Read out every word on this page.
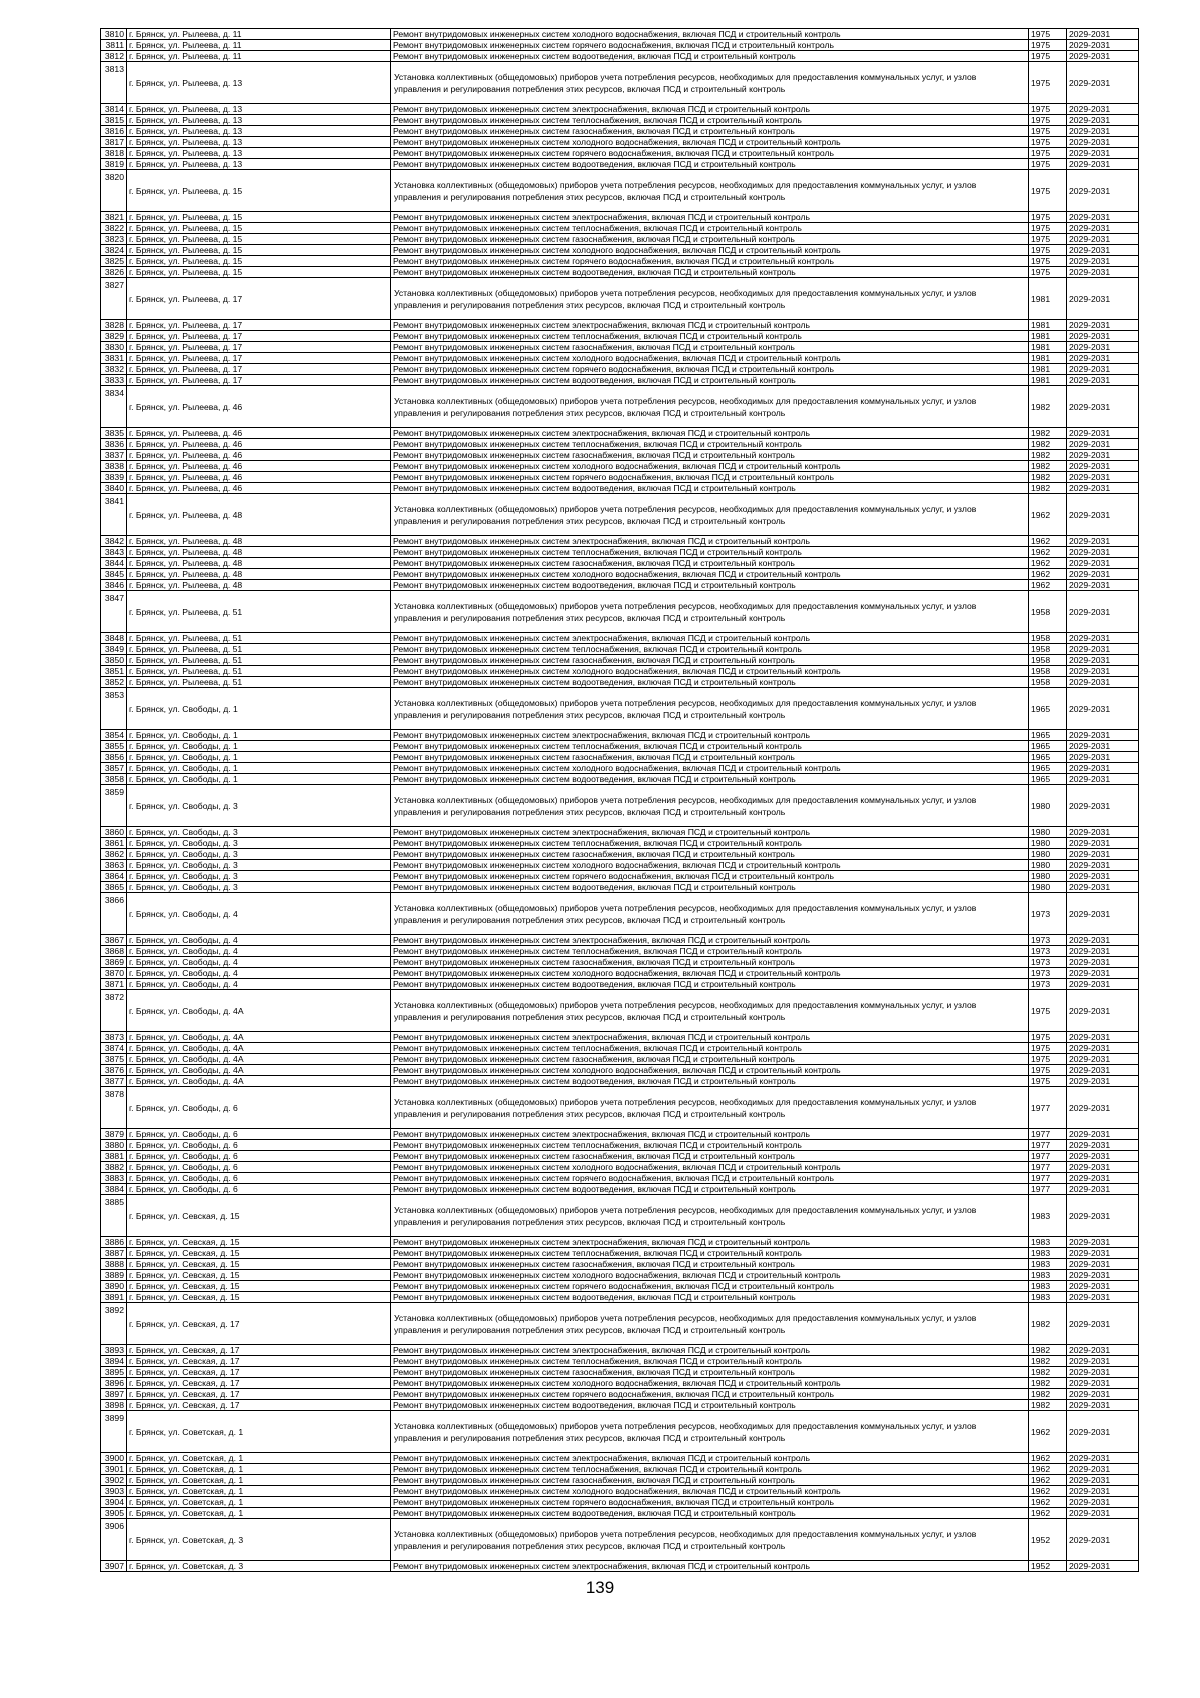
3810	г. Брянск, ул. Рылеева, д. 11	Ремонт внутридомовых инженерных систем холодного водоснабжения, включая ПСД и строительный контроль	1975	2029-2031
3811	г. Брянск, ул. Рылеева, д. 11	Ремонт внутридомовых инженерных систем горячего водоснабжения, включая ПСД и строительный контроль	1975	2029-2031
3812	г. Брянск, ул. Рылеева, д. 11	Ремонт внутридомовых инженерных систем водоотведения, включая ПСД и строительный контроль	1975	2029-2031
3813	г. Брянск, ул. Рылеева, д. 13	Установка коллективных (общедомовых) приборов учета потребления ресурсов, необходимых для предоставления коммунальных услуг, и узлов управления и регулирования потребления этих ресурсов, включая ПСД и строительный контроль	1975	2029-2031
3814	г. Брянск, ул. Рылеева, д. 13	Ремонт внутридомовых инженерных систем электроснабжения, включая ПСД и строительный контроль	1975	2029-2031
3815	г. Брянск, ул. Рылеева, д. 13	Ремонт внутридомовых инженерных систем теплоснабжения, включая ПСД и строительный контроль	1975	2029-2031
3816	г. Брянск, ул. Рылеева, д. 13	Ремонт внутридомовых инженерных систем газоснабжения, включая ПСД и строительный контроль	1975	2029-2031
3817	г. Брянск, ул. Рылеева, д. 13	Ремонт внутридомовых инженерных систем холодного водоснабжения, включая ПСД и строительный контроль	1975	2029-2031
3818	г. Брянск, ул. Рылеева, д. 13	Ремонт внутридомовых инженерных систем горячего водоснабжения, включая ПСД и строительный контроль	1975	2029-2031
3819	г. Брянск, ул. Рылеева, д. 13	Ремонт внутридомовых инженерных систем водоотведения, включая ПСД и строительный контроль	1975	2029-2031
3820	г. Брянск, ул. Рылеева, д. 15	Установка коллективных (общедомовых) приборов учета потребления ресурсов, необходимых для предоставления коммунальных услуг, и узлов управления и регулирования потребления этих ресурсов, включая ПСД и строительный контроль	1975	2029-2031
3821	г. Брянск, ул. Рылеева, д. 15	Ремонт внутридомовых инженерных систем электроснабжения, включая ПСД и строительный контроль	1975	2029-2031
3822	г. Брянск, ул. Рылеева, д. 15	Ремонт внутридомовых инженерных систем теплоснабжения, включая ПСД и строительный контроль	1975	2029-2031
3823	г. Брянск, ул. Рылеева, д. 15	Ремонт внутридомовых инженерных систем газоснабжения, включая ПСД и строительный контроль	1975	2029-2031
3824	г. Брянск, ул. Рылеева, д. 15	Ремонт внутридомовых инженерных систем холодного водоснабжения, включая ПСД и строительный контроль	1975	2029-2031
3825	г. Брянск, ул. Рылеева, д. 15	Ремонт внутридомовых инженерных систем горячего водоснабжения, включая ПСД и строительный контроль	1975	2029-2031
3826	г. Брянск, ул. Рылеева, д. 15	Ремонт внутридомовых инженерных систем водоотведения, включая ПСД и строительный контроль	1975	2029-2031
3827	г. Брянск, ул. Рылеева, д. 17	Установка коллективных (общедомовых) приборов учета потребления ресурсов, необходимых для предоставления коммунальных услуг, и узлов управления и регулирования потребления этих ресурсов, включая ПСД и строительный контроль	1981	2029-2031
3828	г. Брянск, ул. Рылеева, д. 17	Ремонт внутридомовых инженерных систем электроснабжения, включая ПСД и строительный контроль	1981	2029-2031
3829	г. Брянск, ул. Рылеева, д. 17	Ремонт внутридомовых инженерных систем теплоснабжения, включая ПСД и строительный контроль	1981	2029-2031
3830	г. Брянск, ул. Рылеева, д. 17	Ремонт внутридомовых инженерных систем газоснабжения, включая ПСД и строительный контроль	1981	2029-2031
3831	г. Брянск, ул. Рылеева, д. 17	Ремонт внутридомовых инженерных систем холодного водоснабжения, включая ПСД и строительный контроль	1981	2029-2031
3832	г. Брянск, ул. Рылеева, д. 17	Ремонт внутридомовых инженерных систем горячего водоснабжения, включая ПСД и строительный контроль	1981	2029-2031
3833	г. Брянск, ул. Рылеева, д. 17	Ремонт внутридомовых инженерных систем водоотведения, включая ПСД и строительный контроль	1981	2029-2031
3834	г. Брянск, ул. Рылеева, д. 46	Установка коллективных (общедомовых) приборов учета потребления ресурсов, необходимых для предоставления коммунальных услуг, и узлов управления и регулирования потребления этих ресурсов, включая ПСД и строительный контроль	1982	2029-2031
3835	г. Брянск, ул. Рылеева, д. 46	Ремонт внутридомовых инженерных систем электроснабжения, включая ПСД и строительный контроль	1982	2029-2031
3836	г. Брянск, ул. Рылеева, д. 46	Ремонт внутридомовых инженерных систем теплоснабжения, включая ПСД и строительный контроль	1982	2029-2031
3837	г. Брянск, ул. Рылеева, д. 46	Ремонт внутридомовых инженерных систем газоснабжения, включая ПСД и строительный контроль	1982	2029-2031
3838	г. Брянск, ул. Рылеева, д. 46	Ремонт внутридомовых инженерных систем холодного водоснабжения, включая ПСД и строительный контроль	1982	2029-2031
3839	г. Брянск, ул. Рылеева, д. 46	Ремонт внутридомовых инженерных систем горячего водоснабжения, включая ПСД и строительный контроль	1982	2029-2031
3840	г. Брянск, ул. Рылеева, д. 46	Ремонт внутридомовых инженерных систем водоотведения, включая ПСД и строительный контроль	1982	2029-2031
3841	г. Брянск, ул. Рылеева, д. 48	Установка коллективных (общедомовых) приборов учета потребления ресурсов, необходимых для предоставления коммунальных услуг, и узлов управления и регулирования потребления этих ресурсов, включая ПСД и строительный контроль	1962	2029-2031
3842	г. Брянск, ул. Рылеева, д. 48	Ремонт внутридомовых инженерных систем электроснабжения, включая ПСД и строительный контроль	1962	2029-2031
3843	г. Брянск, ул. Рылеева, д. 48	Ремонт внутридомовых инженерных систем теплоснабжения, включая ПСД и строительный контроль	1962	2029-2031
3844	г. Брянск, ул. Рылеева, д. 48	Ремонт внутридомовых инженерных систем газоснабжения, включая ПСД и строительный контроль	1962	2029-2031
3845	г. Брянск, ул. Рылеева, д. 48	Ремонт внутридомовых инженерных систем холодного водоснабжения, включая ПСД и строительный контроль	1962	2029-2031
3846	г. Брянск, ул. Рылеева, д. 48	Ремонт внутридомовых инженерных систем водоотведения, включая ПСД и строительный контроль	1962	2029-2031
3847	г. Брянск, ул. Рылеева, д. 51	Установка коллективных (общедомовых) приборов учета потребления ресурсов, необходимых для предоставления коммунальных услуг, и узлов управления и регулирования потребления этих ресурсов, включая ПСД и строительный контроль	1958	2029-2031
3848	г. Брянск, ул. Рылеева, д. 51	Ремонт внутридомовых инженерных систем электроснабжения, включая ПСД и строительный контроль	1958	2029-2031
3849	г. Брянск, ул. Рылеева, д. 51	Ремонт внутридомовых инженерных систем теплоснабжения, включая ПСД и строительный контроль	1958	2029-2031
3850	г. Брянск, ул. Рылеева, д. 51	Ремонт внутридомовых инженерных систем газоснабжения, включая ПСД и строительный контроль	1958	2029-2031
3851	г. Брянск, ул. Рылеева, д. 51	Ремонт внутридомовых инженерных систем холодного водоснабжения, включая ПСД и строительный контроль	1958	2029-2031
3852	г. Брянск, ул. Рылеева, д. 51	Ремонт внутридомовых инженерных систем водоотведения, включая ПСД и строительный контроль	1958	2029-2031
3853	г. Брянск, ул. Свободы, д. 1	Установка коллективных (общедомовых) приборов учета потребления ресурсов, необходимых для предоставления коммунальных услуг, и узлов управления и регулирования потребления этих ресурсов, включая ПСД и строительный контроль	1965	2029-2031
3854	г. Брянск, ул. Свободы, д. 1	Ремонт внутридомовых инженерных систем электроснабжения, включая ПСД и строительный контроль	1965	2029-2031
3855	г. Брянск, ул. Свободы, д. 1	Ремонт внутридомовых инженерных систем теплоснабжения, включая ПСД и строительный контроль	1965	2029-2031
3856	г. Брянск, ул. Свободы, д. 1	Ремонт внутридомовых инженерных систем газоснабжения, включая ПСД и строительный контроль	1965	2029-2031
3857	г. Брянск, ул. Свободы, д. 1	Ремонт внутридомовых инженерных систем холодного водоснабжения, включая ПСД и строительный контроль	1965	2029-2031
3858	г. Брянск, ул. Свободы, д. 1	Ремонт внутридомовых инженерных систем водоотведения, включая ПСД и строительный контроль	1965	2029-2031
3859	г. Брянск, ул. Свободы, д. 3	Установка коллективных (общедомовых) приборов учета потребления ресурсов, необходимых для предоставления коммунальных услуг, и узлов управления и регулирования потребления этих ресурсов, включая ПСД и строительный контроль	1980	2029-2031
3860	г. Брянск, ул. Свободы, д. 3	Ремонт внутридомовых инженерных систем электроснабжения, включая ПСД и строительный контроль	1980	2029-2031
3861	г. Брянск, ул. Свободы, д. 3	Ремонт внутридомовых инженерных систем теплоснабжения, включая ПСД и строительный контроль	1980	2029-2031
3862	г. Брянск, ул. Свободы, д. 3	Ремонт внутридомовых инженерных систем газоснабжения, включая ПСД и строительный контроль	1980	2029-2031
3863	г. Брянск, ул. Свободы, д. 3	Ремонт внутридомовых инженерных систем холодного водоснабжения, включая ПСД и строительный контроль	1980	2029-2031
3864	г. Брянск, ул. Свободы, д. 3	Ремонт внутридомовых инженерных систем горячего водоснабжения, включая ПСД и строительный контроль	1980	2029-2031
3865	г. Брянск, ул. Свободы, д. 3	Ремонт внутридомовых инженерных систем водоотведения, включая ПСД и строительный контроль	1980	2029-2031
3866	г. Брянск, ул. Свободы, д. 4	Установка коллективных (общедомовых) приборов учета потребления ресурсов, необходимых для предоставления коммунальных услуг, и узлов управления и регулирования потребления этих ресурсов, включая ПСД и строительный контроль	1973	2029-2031
3867	г. Брянск, ул. Свободы, д. 4	Ремонт внутридомовых инженерных систем электроснабжения, включая ПСД и строительный контроль	1973	2029-2031
3868	г. Брянск, ул. Свободы, д. 4	Ремонт внутридомовых инженерных систем теплоснабжения, включая ПСД и строительный контроль	1973	2029-2031
3869	г. Брянск, ул. Свободы, д. 4	Ремонт внутридомовых инженерных систем газоснабжения, включая ПСД и строительный контроль	1973	2029-2031
3870	г. Брянск, ул. Свободы, д. 4	Ремонт внутридомовых инженерных систем холодного водоснабжения, включая ПСД и строительный контроль	1973	2029-2031
3871	г. Брянск, ул. Свободы, д. 4	Ремонт внутридомовых инженерных систем водоотведения, включая ПСД и строительный контроль	1973	2029-2031
3872	г. Брянск, ул. Свободы, д. 4А	Установка коллективных (общедомовых) приборов учета потребления ресурсов, необходимых для предоставления коммунальных услуг, и узлов управления и регулирования потребления этих ресурсов, включая ПСД и строительный контроль	1975	2029-2031
3873	г. Брянск, ул. Свободы, д. 4А	Ремонт внутридомовых инженерных систем электроснабжения, включая ПСД и строительный контроль	1975	2029-2031
3874	г. Брянск, ул. Свободы, д. 4А	Ремонт внутридомовых инженерных систем теплоснабжения, включая ПСД и строительный контроль	1975	2029-2031
3875	г. Брянск, ул. Свободы, д. 4А	Ремонт внутридомовых инженерных систем газоснабжения, включая ПСД и строительный контроль	1975	2029-2031
3876	г. Брянск, ул. Свободы, д. 4А	Ремонт внутридомовых инженерных систем холодного водоснабжения, включая ПСД и строительный контроль	1975	2029-2031
3877	г. Брянск, ул. Свободы, д. 4А	Ремонт внутридомовых инженерных систем водоотведения, включая ПСД и строительный контроль	1975	2029-2031
3878	г. Брянск, ул. Свободы, д. 6	Установка коллективных (общедомовых) приборов учета потребления ресурсов, необходимых для предоставления коммунальных услуг, и узлов управления и регулирования потребления этих ресурсов, включая ПСД и строительный контроль	1977	2029-2031
3879	г. Брянск, ул. Свободы, д. 6	Ремонт внутридомовых инженерных систем электроснабжения, включая ПСД и строительный контроль	1977	2029-2031
3880	г. Брянск, ул. Свободы, д. 6	Ремонт внутридомовых инженерных систем теплоснабжения, включая ПСД и строительный контроль	1977	2029-2031
3881	г. Брянск, ул. Свободы, д. 6	Ремонт внутридомовых инженерных систем газоснабжения, включая ПСД и строительный контроль	1977	2029-2031
3882	г. Брянск, ул. Свободы, д. 6	Ремонт внутридомовых инженерных систем холодного водоснабжения, включая ПСД и строительный контроль	1977	2029-2031
3883	г. Брянск, ул. Свободы, д. 6	Ремонт внутридомовых инженерных систем горячего водоснабжения, включая ПСД и строительный контроль	1977	2029-2031
3884	г. Брянск, ул. Свободы, д. 6	Ремонт внутридомовых инженерных систем водоотведения, включая ПСД и строительный контроль	1977	2029-2031
3885	г. Брянск, ул. Севская, д. 15	Установка коллективных (общедомовых) приборов учета потребления ресурсов, необходимых для предоставления коммунальных услуг, и узлов управления и регулирования потребления этих ресурсов, включая ПСД и строительный контроль	1983	2029-2031
3886	г. Брянск, ул. Севская, д. 15	Ремонт внутридомовых инженерных систем электроснабжения, включая ПСД и строительный контроль	1983	2029-2031
3887	г. Брянск, ул. Севская, д. 15	Ремонт внутридомовых инженерных систем теплоснабжения, включая ПСД и строительный контроль	1983	2029-2031
3888	г. Брянск, ул. Севская, д. 15	Ремонт внутридомовых инженерных систем газоснабжения, включая ПСД и строительный контроль	1983	2029-2031
3889	г. Брянск, ул. Севская, д. 15	Ремонт внутридомовых инженерных систем холодного водоснабжения, включая ПСД и строительный контроль	1983	2029-2031
3890	г. Брянск, ул. Севская, д. 15	Ремонт внутридомовых инженерных систем горячего водоснабжения, включая ПСД и строительный контроль	1983	2029-2031
3891	г. Брянск, ул. Севская, д. 15	Ремонт внутридомовых инженерных систем водоотведения, включая ПСД и строительный контроль	1983	2029-2031
3892	г. Брянск, ул. Севская, д. 17	Установка коллективных (общедомовых) приборов учета потребления ресурсов, необходимых для предоставления коммунальных услуг, и узлов управления и регулирования потребления этих ресурсов, включая ПСД и строительный контроль	1982	2029-2031
3893	г. Брянск, ул. Севская, д. 17	Ремонт внутридомовых инженерных систем электроснабжения, включая ПСД и строительный контроль	1982	2029-2031
3894	г. Брянск, ул. Севская, д. 17	Ремонт внутридомовых инженерных систем теплоснабжения, включая ПСД и строительный контроль	1982	2029-2031
3895	г. Брянск, ул. Севская, д. 17	Ремонт внутридомовых инженерных систем газоснабжения, включая ПСД и строительный контроль	1982	2029-2031
3896	г. Брянск, ул. Севская, д. 17	Ремонт внутридомовых инженерных систем холодного водоснабжения, включая ПСД и строительный контроль	1982	2029-2031
3897	г. Брянск, ул. Севская, д. 17	Ремонт внутридомовых инженерных систем горячего водоснабжения, включая ПСД и строительный контроль	1982	2029-2031
3898	г. Брянск, ул. Севская, д. 17	Ремонт внутридомовых инженерных систем водоотведения, включая ПСД и строительный контроль	1982	2029-2031
3899	г. Брянск, ул. Советская, д. 1	Установка коллективных (общедомовых) приборов учета потребления ресурсов, необходимых для предоставления коммунальных услуг, и узлов управления и регулирования потребления этих ресурсов, включая ПСД и строительный контроль	1962	2029-2031
3900	г. Брянск, ул. Советская, д. 1	Ремонт внутридомовых инженерных систем электроснабжения, включая ПСД и строительный контроль	1962	2029-2031
3901	г. Брянск, ул. Советская, д. 1	Ремонт внутридомовых инженерных систем теплоснабжения, включая ПСД и строительный контроль	1962	2029-2031
3902	г. Брянск, ул. Советская, д. 1	Ремонт внутридомовых инженерных систем газоснабжения, включая ПСД и строительный контроль	1962	2029-2031
3903	г. Брянск, ул. Советская, д. 1	Ремонт внутридомовых инженерных систем холодного водоснабжения, включая ПСД и строительный контроль	1962	2029-2031
3904	г. Брянск, ул. Советская, д. 1	Ремонт внутридомовых инженерных систем горячего водоснабжения, включая ПСД и строительный контроль	1962	2029-2031
3905	г. Брянск, ул. Советская, д. 1	Ремонт внутридомовых инженерных систем водоотведения, включая ПСД и строительный контроль	1962	2029-2031
3906	г. Брянск, ул. Советская, д. 3	Установка коллективных (общедомовых) приборов учета потребления ресурсов, необходимых для предоставления коммунальных услуг, и узлов управления и регулирования потребления этих ресурсов, включая ПСД и строительный контроль	1952	2029-2031
3907	г. Брянск, ул. Советская, д. 3	Ремонт внутридомовых инженерных систем электроснабжения, включая ПСД и строительный контроль	1952	2029-2031
139
